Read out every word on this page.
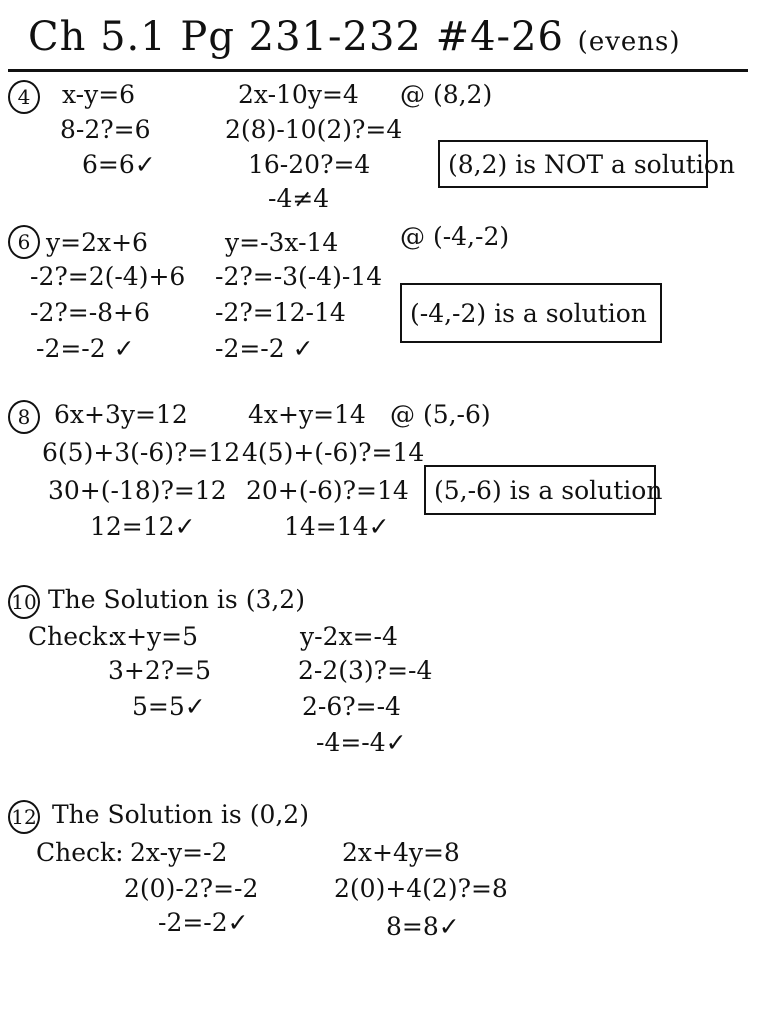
Ch 5.1 Pg 231-232 #4-26 (evens)
4	x-y=6
8-2?=6
6=6✓
2x-10y=4
2(8)-10(2)?=4
16-20?=4
-4≠4
@ (8,2)
(8,2) is NOT a solution
6 y=2x+6
-2?=2(-4)+6
-2?=-8+6
-2=-2 ✓
y=-3x-14
-2?=-3(-4)-14
-2?=12-14
-2=-2 ✓
@ (-4,-2)
(-4,-2) is a solution
8 6x+3y=12
6(5)+3(-6)?=12
30+(-18)?=12
12=12✓
4x+y=14
4(5)+(-6)?=14
20+(-6)?=14
14=14✓
@ (5,-6)
(5,-6) is a solution
10 The Solution is (3,2)
Check:
x+y=5
3+2?=5
5=5✓
y-2x=-4
2-2(3)?=-4
2-6?=-4
-4=-4✓
12 The Solution is (0,2)
Check: 2x-y=-2
2(0)-2?=-2
-2=-2✓
2x+4y=8
2(0)+4(2)?=8
8=8✓
